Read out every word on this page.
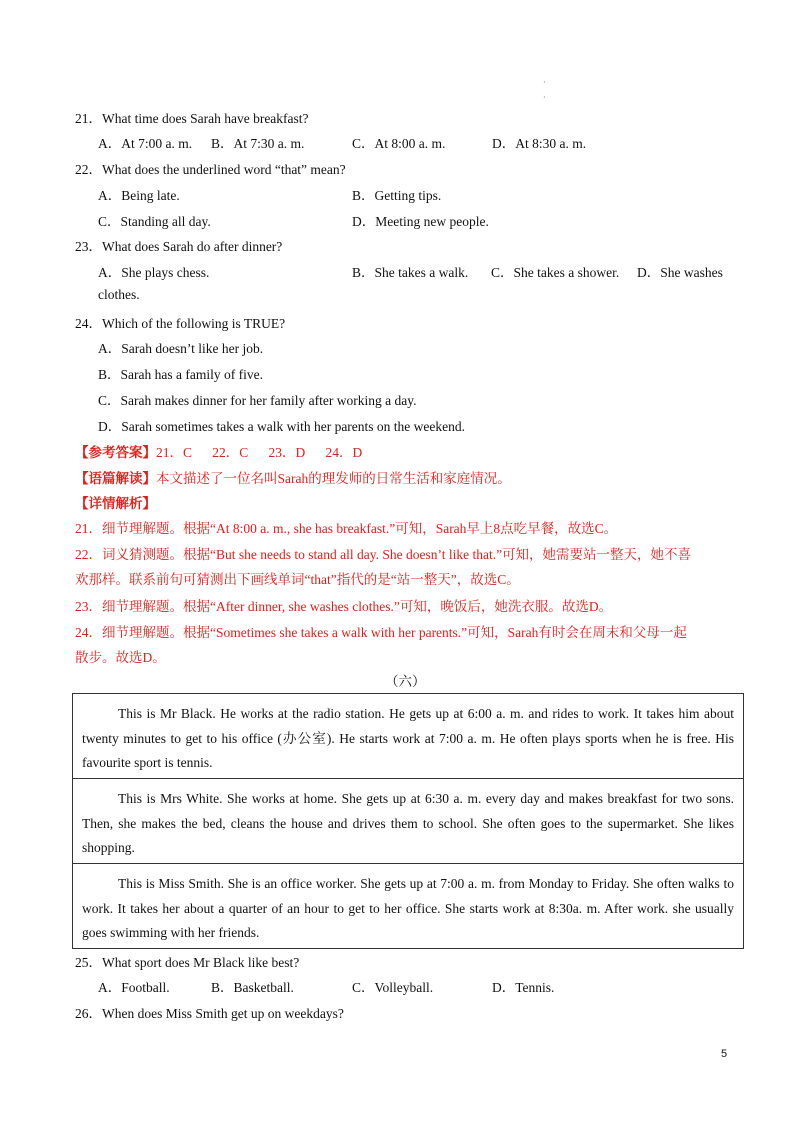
·
·
21．What time does Sarah have breakfast?
A．At 7:00 a. m. B．At 7:30 a. m.	C．At 8:00 a. m.	D．At 8:30 a. m.
22．What does the underlined word “that” mean?
A．Being late.	B．Getting tips.
C．Standing all day.	D．Meeting new people.
23．What does Sarah do after dinner?
A．She plays chess.	B．She takes a walk. C．She takes a shower. D．She washes
clothes.
24．Which of the following is TRUE?
A．Sarah doesn’t like her job.
B．Sarah has a family of five.
C．Sarah makes dinner for her family after working a day.
D．Sarah sometimes takes a walk with her parents on the weekend.
【参考答案】21．C      22．C      23．D      24．D
【语篇解读】本文描述了一位名叫Sarah的理发师的日常生活和家庭情况。
【详情解析】
21．细节理解题。根据“At 8:00 a. m., she has breakfast.”可知，Sarah早上8点吃早餐，故选C。
22．词义猜测题。根据“But she needs to stand all day. She doesn’t like that.”可知，她需要站一整天，她不喜
欢那样。联系前句可猜测出下画线单词“that”指代的是“站一整天”，故选C。
23．细节理解题。根据“After dinner, she washes clothes.”可知，晚饭后，她洗衣服。故选D。
24．细节理解题。根据“Sometimes she takes a walk with her parents.”可知，Sarah有时会在周末和父母一起
散步。故选D。
（六）

This is Mr Black. He works at the radio station. He gets up at 6:00 a. m. and rides to work. It takes him about twenty minutes to get to his office (办公室). He starts work at 7:00 a. m. He often plays sports when he is free. His favourite sport is tennis.

This is Mrs White. She works at home. She gets up at 6:30 a. m. every day and makes breakfast for two sons. Then, she makes the bed, cleans the house and drives them to school. She often goes to the supermarket. She likes shopping.

This is Miss Smith. She is an office worker. She gets up at 7:00 a. m. from Monday to Friday. She often walks to work. It takes her about a quarter of an hour to get to her office. She starts work at 8:30a. m. After work. she usually goes swimming with her friends.

25．What sport does Mr Black like best?
A．Football.	B．Basketball.	C．Volleyball.	D．Tennis.
26．When does Miss Smith get up on weekdays?
5
